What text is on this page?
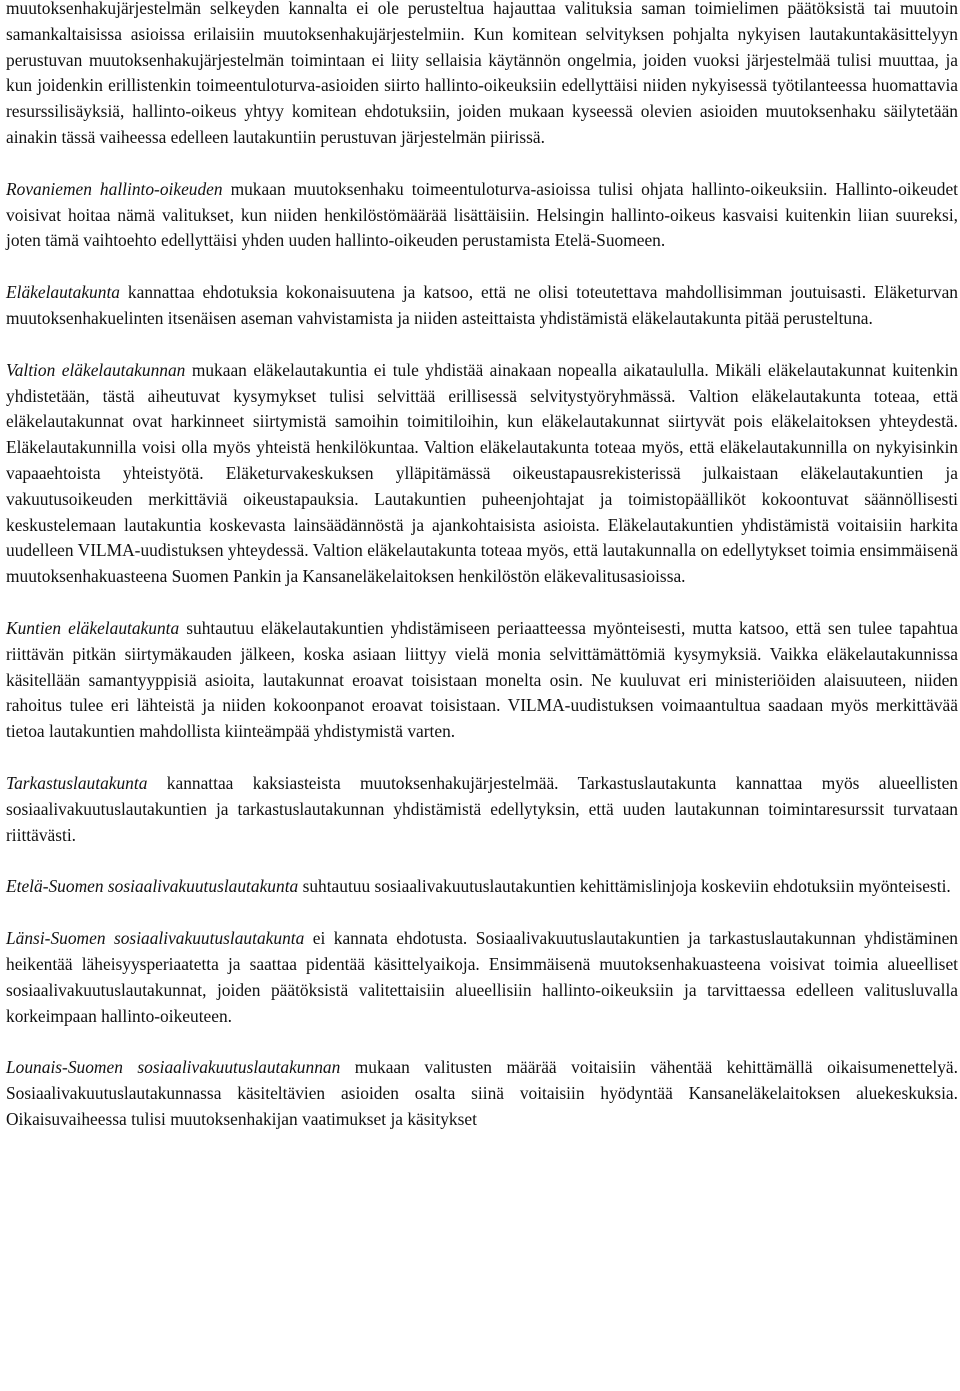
muutoksenhakujärjestelmän selkeyden kannalta ei ole perusteltua hajauttaa valituksia saman toimielimen päätöksistä tai muutoin samankaltaisissa asioissa erilaisiin muutoksenhakujärjestelmiin. Kun komitean selvityksen pohjalta nykyisen lautakuntakäsittelyyn perustuvan muutoksenhakujärjestelmän toimintaan ei liity sellaisia käytännön ongelmia, joiden vuoksi järjestelmää tulisi muuttaa, ja kun joidenkin erillistenkin toimeentuloturva-asioiden siirto hallinto-oikeuksiin edellyttäisi niiden nykyisessä työtilanteessa huomattavia resurssilisäyksiä, hallinto-oikeus yhtyy komitean ehdotuksiin, joiden mukaan kyseessä olevien asioiden muutoksenhaku säilytetään ainakin tässä vaiheessa edelleen lautakuntiin perustuvan järjestelmän piirissä.

Rovaniemen hallinto-oikeuden mukaan muutoksenhaku toimeentuloturva-asioissa tulisi ohjata hallinto-oikeuksiin. Hallinto-oikeudet voisivat hoitaa nämä valitukset, kun niiden henkilöstömäärää lisättäisiin. Helsingin hallinto-oikeus kasvaisi kuitenkin liian suureksi, joten tämä vaihtoehto edellyttäisi yhden uuden hallinto-oikeuden perustamista Etelä-Suomeen.

Eläkelautakunta kannattaa ehdotuksia kokonaisuutena ja katsoo, että ne olisi toteutettava mahdollisimman joutuisasti. Eläketurvan muutoksenhakuelinten itsenäisen aseman vahvistamista ja niiden asteittaista yhdistämistä eläkelautakunta pitää perusteltuna.

Valtion eläkelautakunnan mukaan eläkelautakuntia ei tule yhdistää ainakaan nopealla aikataululla. Mikäli eläkelautakunnat kuitenkin yhdistetään, tästä aiheutuvat kysymykset tulisi selvittää erillisessä selvitystyöryhmässä. Valtion eläkelautakunta toteaa, että eläkelautakunnat ovat harkinneet siirtymistä samoihin toimitiloihin, kun eläkelautakunnat siirtyvät pois eläkelaitoksen yhteydestä. Eläkelautakunnilla voisi olla myös yhteistä henkilökuntaa. Valtion eläkelautakunta toteaa myös, että eläkelautakunnilla on nykyisinkin vapaaehtoista yhteistyötä. Eläketurvakeskuksen ylläpitämässä oikeustapausrekisterissä julkaistaan eläkelautakuntien ja vakuutusoikeuden merkittäviä oikeustapauksia. Lautakuntien puheenjohtajat ja toimistopäälliköt kokoontuvat säännöllisesti keskustelemaan lautakuntia koskevasta lainsäädännöstä ja ajankohtaisista asioista. Eläkelautakuntien yhdistämistä voitaisiin harkita uudelleen VILMA-uudistuksen yhteydessä. Valtion eläkelautakunta toteaa myös, että lautakunnalla on edellytykset toimia ensimmäisenä muutoksenhakuasteena Suomen Pankin ja Kansaneläkelaitoksen henkilöstön eläkevalitusasioissa.

Kuntien eläkelautakunta suhtautuu eläkelautakuntien yhdistämiseen periaatteessa myönteisesti, mutta katsoo, että sen tulee tapahtua riittävän pitkän siirtymäkauden jälkeen, koska asiaan liittyy vielä monia selvittämättömiä kysymyksiä. Vaikka eläkelautakunnissa käsitellään samantyyppisiä asioita, lautakunnat eroavat toisistaan monelta osin. Ne kuuluvat eri ministeriöiden alaisuuteen, niiden rahoitus tulee eri lähteistä ja niiden kokoonpanot eroavat toisistaan. VILMA-uudistuksen voimaantultua saadaan myös merkittävää tietoa lautakuntien mahdollista kiinteämpää yhdistymistä varten.

Tarkastuslautakunta kannattaa kaksiasteista muutoksenhakujärjestelmää. Tarkastuslautakunta kannattaa myös alueellisten sosiaalivakuutuslautakuntien ja tarkastuslautakunnan yhdistämistä edellytyksin, että uuden lautakunnan toimintaresurssit turvataan riittävästi.

Etelä-Suomen sosiaalivakuutuslautakunta suhtautuu sosiaalivakuutuslautakuntien kehittämislinjoja koskeviin ehdotuksiin myönteisesti.

Länsi-Suomen sosiaalivakuutuslautakunta ei kannata ehdotusta. Sosiaalivakuutuslautakuntien ja tarkastuslautakunnan yhdistäminen heikentää läheisyysperiaatetta ja saattaa pidentää käsittelyaikoja. Ensimmäisenä muutoksenhakuasteena voisivat toimia alueelliset sosiaalivakuutuslautakunnat, joiden päätöksistä valitettaisiin alueellisiin hallinto-oikeuksiin ja tarvittaessa edelleen valitusluvalla korkeimpaan hallinto-oikeuteen.

Lounais-Suomen sosiaalivakuutuslautakunnan mukaan valitusten määrää voitaisiin vähentää kehittämällä oikaisumenettelyä. Sosiaalivakuutuslautakunnassa käsiteltävien asioiden osalta siinä voitaisiin hyödyntää Kansaneläkelaitoksen aluekeskuksia. Oikaisuvaiheessa tulisi muutoksenhakijan vaatimukset ja käsitykset
